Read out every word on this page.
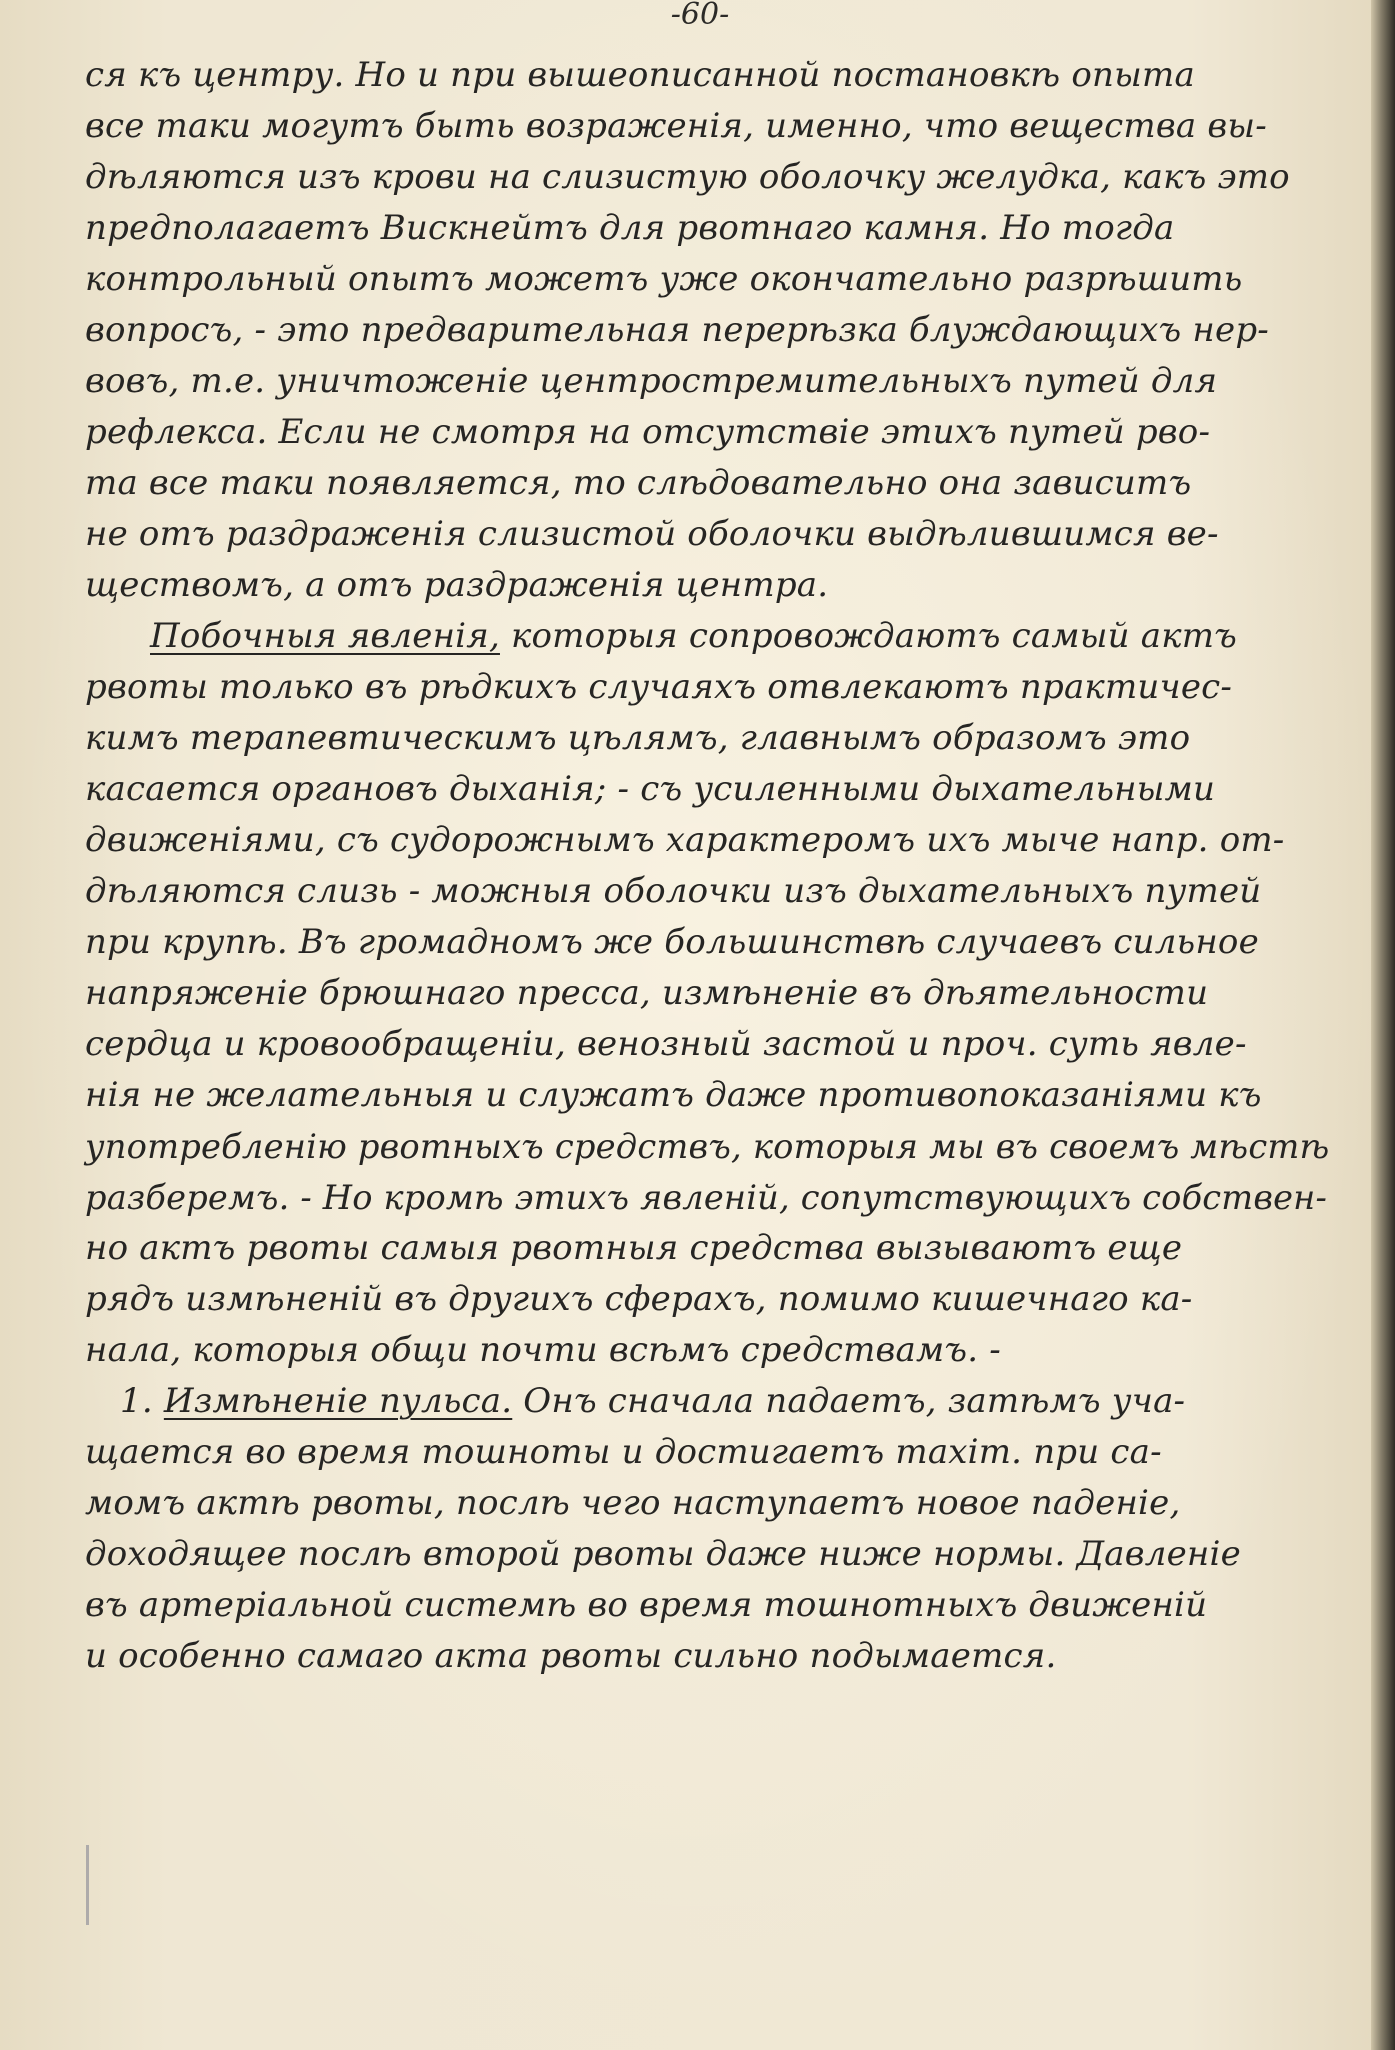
-60-
ся къ центру. Но и при вышеописанной постановкѣ опыта
все таки могутъ быть возраженія, именно, что вещества вы-
дѣляются изъ крови на слизистую оболочку желудка, какъ это
предполагаетъ Вискнейтъ для рвотнаго камня. Но тогда
контрольный опытъ можетъ уже окончательно разрѣшить
вопросъ, - это предварительная перерѣзка блуждающихъ нер-
вовъ, т.е. уничтоженіе центростремительныхъ путей для
рефлекса. Если не смотря на отсутствіе этихъ путей рво-
та все таки появляется, то слѣдовательно она зависитъ
не отъ раздраженія слизистой оболочки выдѣлившимся ве-
ществомъ, а отъ раздраженія центра.
Побочныя явленія, которыя сопровождаютъ самый актъ
рвоты только въ рѣдкихъ случаяхъ отвлекаютъ практичес-
кимъ терапевтическимъ цѣлямъ, главнымъ образомъ это
касается органовъ дыханія; - съ усиленными дыхательными
движеніями, съ судорожнымъ характеромъ ихъ мыче напр. от-
дѣляются слизь - можныя оболочки изъ дыхательныхъ путей
при крупѣ. Въ громадномъ же большинствѣ случаевъ сильное
напряженіе брюшнаго пресса, измѣненіе въ дѣятельности
сердца и кровообращеніи, венозный застой и проч. суть явле-
нія не желательныя и служатъ даже противопоказаніями къ
употребленію рвотныхъ средствъ, которыя мы въ своемъ мѣстѣ
разберемъ. - Но кромѣ этихъ явленій, сопутствующихъ собствен-
но актъ рвоты самыя рвотныя средства вызываютъ еще
рядъ измѣненій въ другихъ сферахъ, помимо кишечнаго ка-
нала, которыя общи почти всѣмъ средствамъ. -
1. Измѣненіе пульса. Онъ сначала падаетъ, затѣмъ уча-
щается во время тошноты и достигаетъ maxim. при са-
момъ актѣ рвоты, послѣ чего наступаетъ новое паденіе,
доходящее послѣ второй рвоты даже ниже нормы. Давленіе
въ артеріальной системѣ во время тошнотныхъ движеній
и особенно самаго акта рвоты сильно подымается.
